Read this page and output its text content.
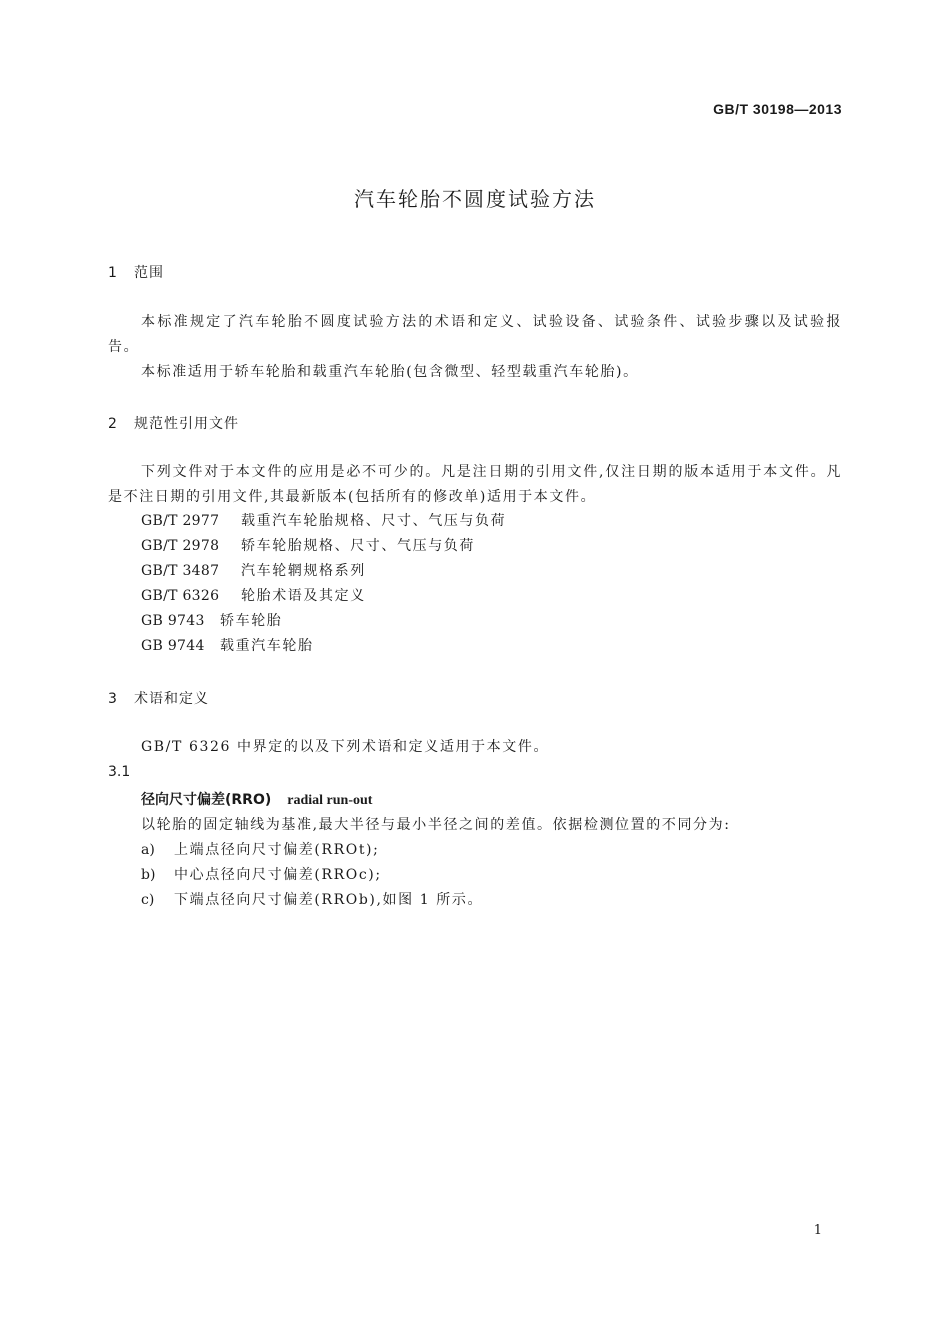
GB/T 30198—2013
汽车轮胎不圆度试验方法
1 范围
本标准规定了汽车轮胎不圆度试验方法的术语和定义、试验设备、试验条件、试验步骤以及试验报告。
本标准适用于轿车轮胎和载重汽车轮胎(包含微型、轻型载重汽车轮胎)。
2 规范性引用文件
下列文件对于本文件的应用是必不可少的。凡是注日期的引用文件,仅注日期的版本适用于本文件。凡是不注日期的引用文件,其最新版本(包括所有的修改单)适用于本文件。
GB/T 2977 载重汽车轮胎规格、尺寸、气压与负荷
GB/T 2978 轿车轮胎规格、尺寸、气压与负荷
GB/T 3487 汽车轮辋规格系列
GB/T 6326 轮胎术语及其定义
GB 9743 轿车轮胎
GB 9744 载重汽车轮胎
3 术语和定义
GB/T 6326 中界定的以及下列术语和定义适用于本文件。
3.1
径向尺寸偏差(RRO) radial run-out
以轮胎的固定轴线为基准,最大半径与最小半径之间的差值。依据检测位置的不同分为:
a) 上端点径向尺寸偏差(RROt);
b) 中心点径向尺寸偏差(RROc);
c) 下端点径向尺寸偏差(RROb),如图 1 所示。
1
